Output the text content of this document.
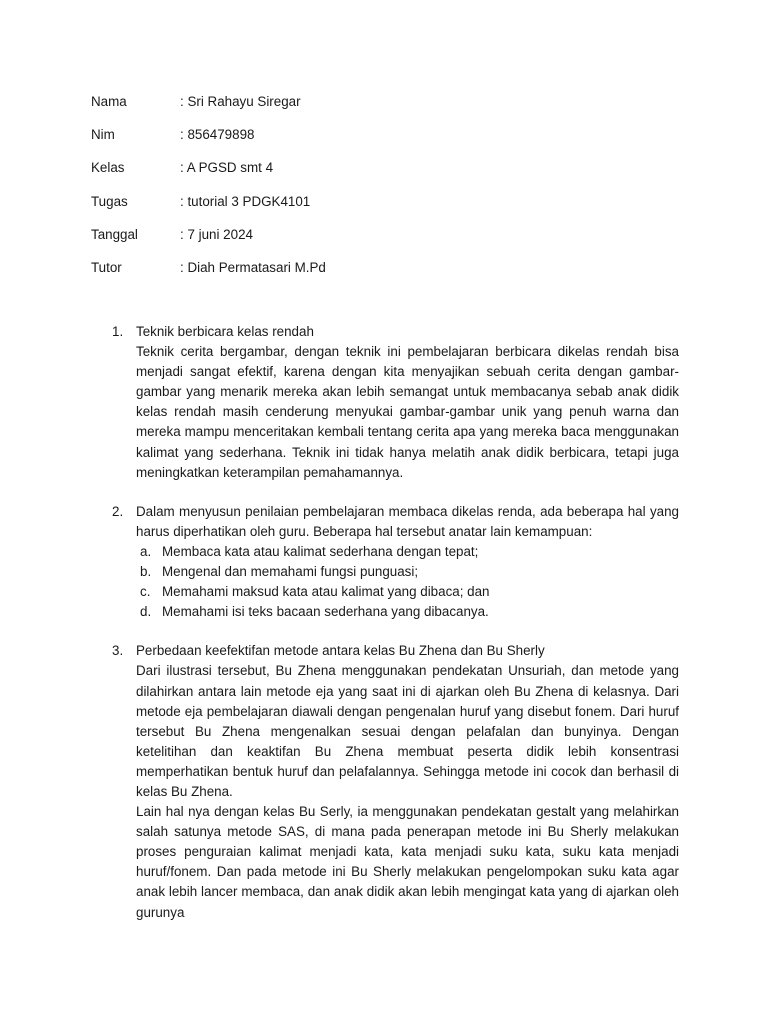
Nama	: Sri Rahayu Siregar
Nim	: 856479898
Kelas	: A PGSD smt 4
Tugas	: tutorial 3 PDGK4101
Tanggal	: 7 juni 2024
Tutor	: Diah Permatasari M.Pd
1. Teknik berbicara kelas rendah
Teknik cerita bergambar, dengan teknik ini pembelajaran berbicara dikelas rendah bisa menjadi sangat efektif, karena dengan kita menyajikan sebuah cerita dengan gambar-gambar yang menarik mereka akan lebih semangat untuk membacanya sebab anak didik kelas rendah masih cenderung menyukai gambar-gambar unik yang penuh warna dan mereka mampu menceritakan kembali tentang cerita apa yang mereka baca menggunakan kalimat yang sederhana. Teknik ini tidak hanya melatih anak didik berbicara, tetapi juga meningkatkan keterampilan pemahamannya.
2. Dalam menyusun penilaian pembelajaran membaca dikelas renda, ada beberapa hal yang harus diperhatikan oleh guru. Beberapa hal tersebut anatar lain kemampuan:
a. Membaca kata atau kalimat sederhana dengan tepat;
b. Mengenal dan memahami fungsi punguasi;
c. Memahami maksud kata atau kalimat yang dibaca; dan
d. Memahami isi teks bacaan sederhana yang dibacanya.
3. Perbedaan keefektifan metode antara kelas Bu Zhena dan Bu Sherly
Dari ilustrasi tersebut, Bu Zhena menggunakan pendekatan Unsuriah, dan metode yang dilahirkan antara lain metode eja yang saat ini di ajarkan oleh Bu Zhena di kelasnya. Dari metode eja pembelajaran diawali dengan pengenalan huruf yang disebut fonem. Dari huruf tersebut Bu Zhena mengenalkan sesuai dengan pelafalan dan bunyinya. Dengan ketelitihan dan keaktifan Bu Zhena membuat peserta didik lebih konsentrasi memperhatikan bentuk huruf dan pelafalannya. Sehingga metode ini cocok dan berhasil di kelas Bu Zhena.
Lain hal nya dengan kelas Bu Serly, ia menggunakan pendekatan gestalt yang melahirkan salah satunya metode SAS, di mana pada penerapan metode ini Bu Sherly melakukan proses penguraian kalimat menjadi kata, kata menjadi suku kata, suku kata menjadi huruf/fonem. Dan pada metode ini Bu Sherly melakukan pengelompokan suku kata agar anak lebih lancer membaca, dan anak didik akan lebih mengingat kata yang di ajarkan oleh gurunya
